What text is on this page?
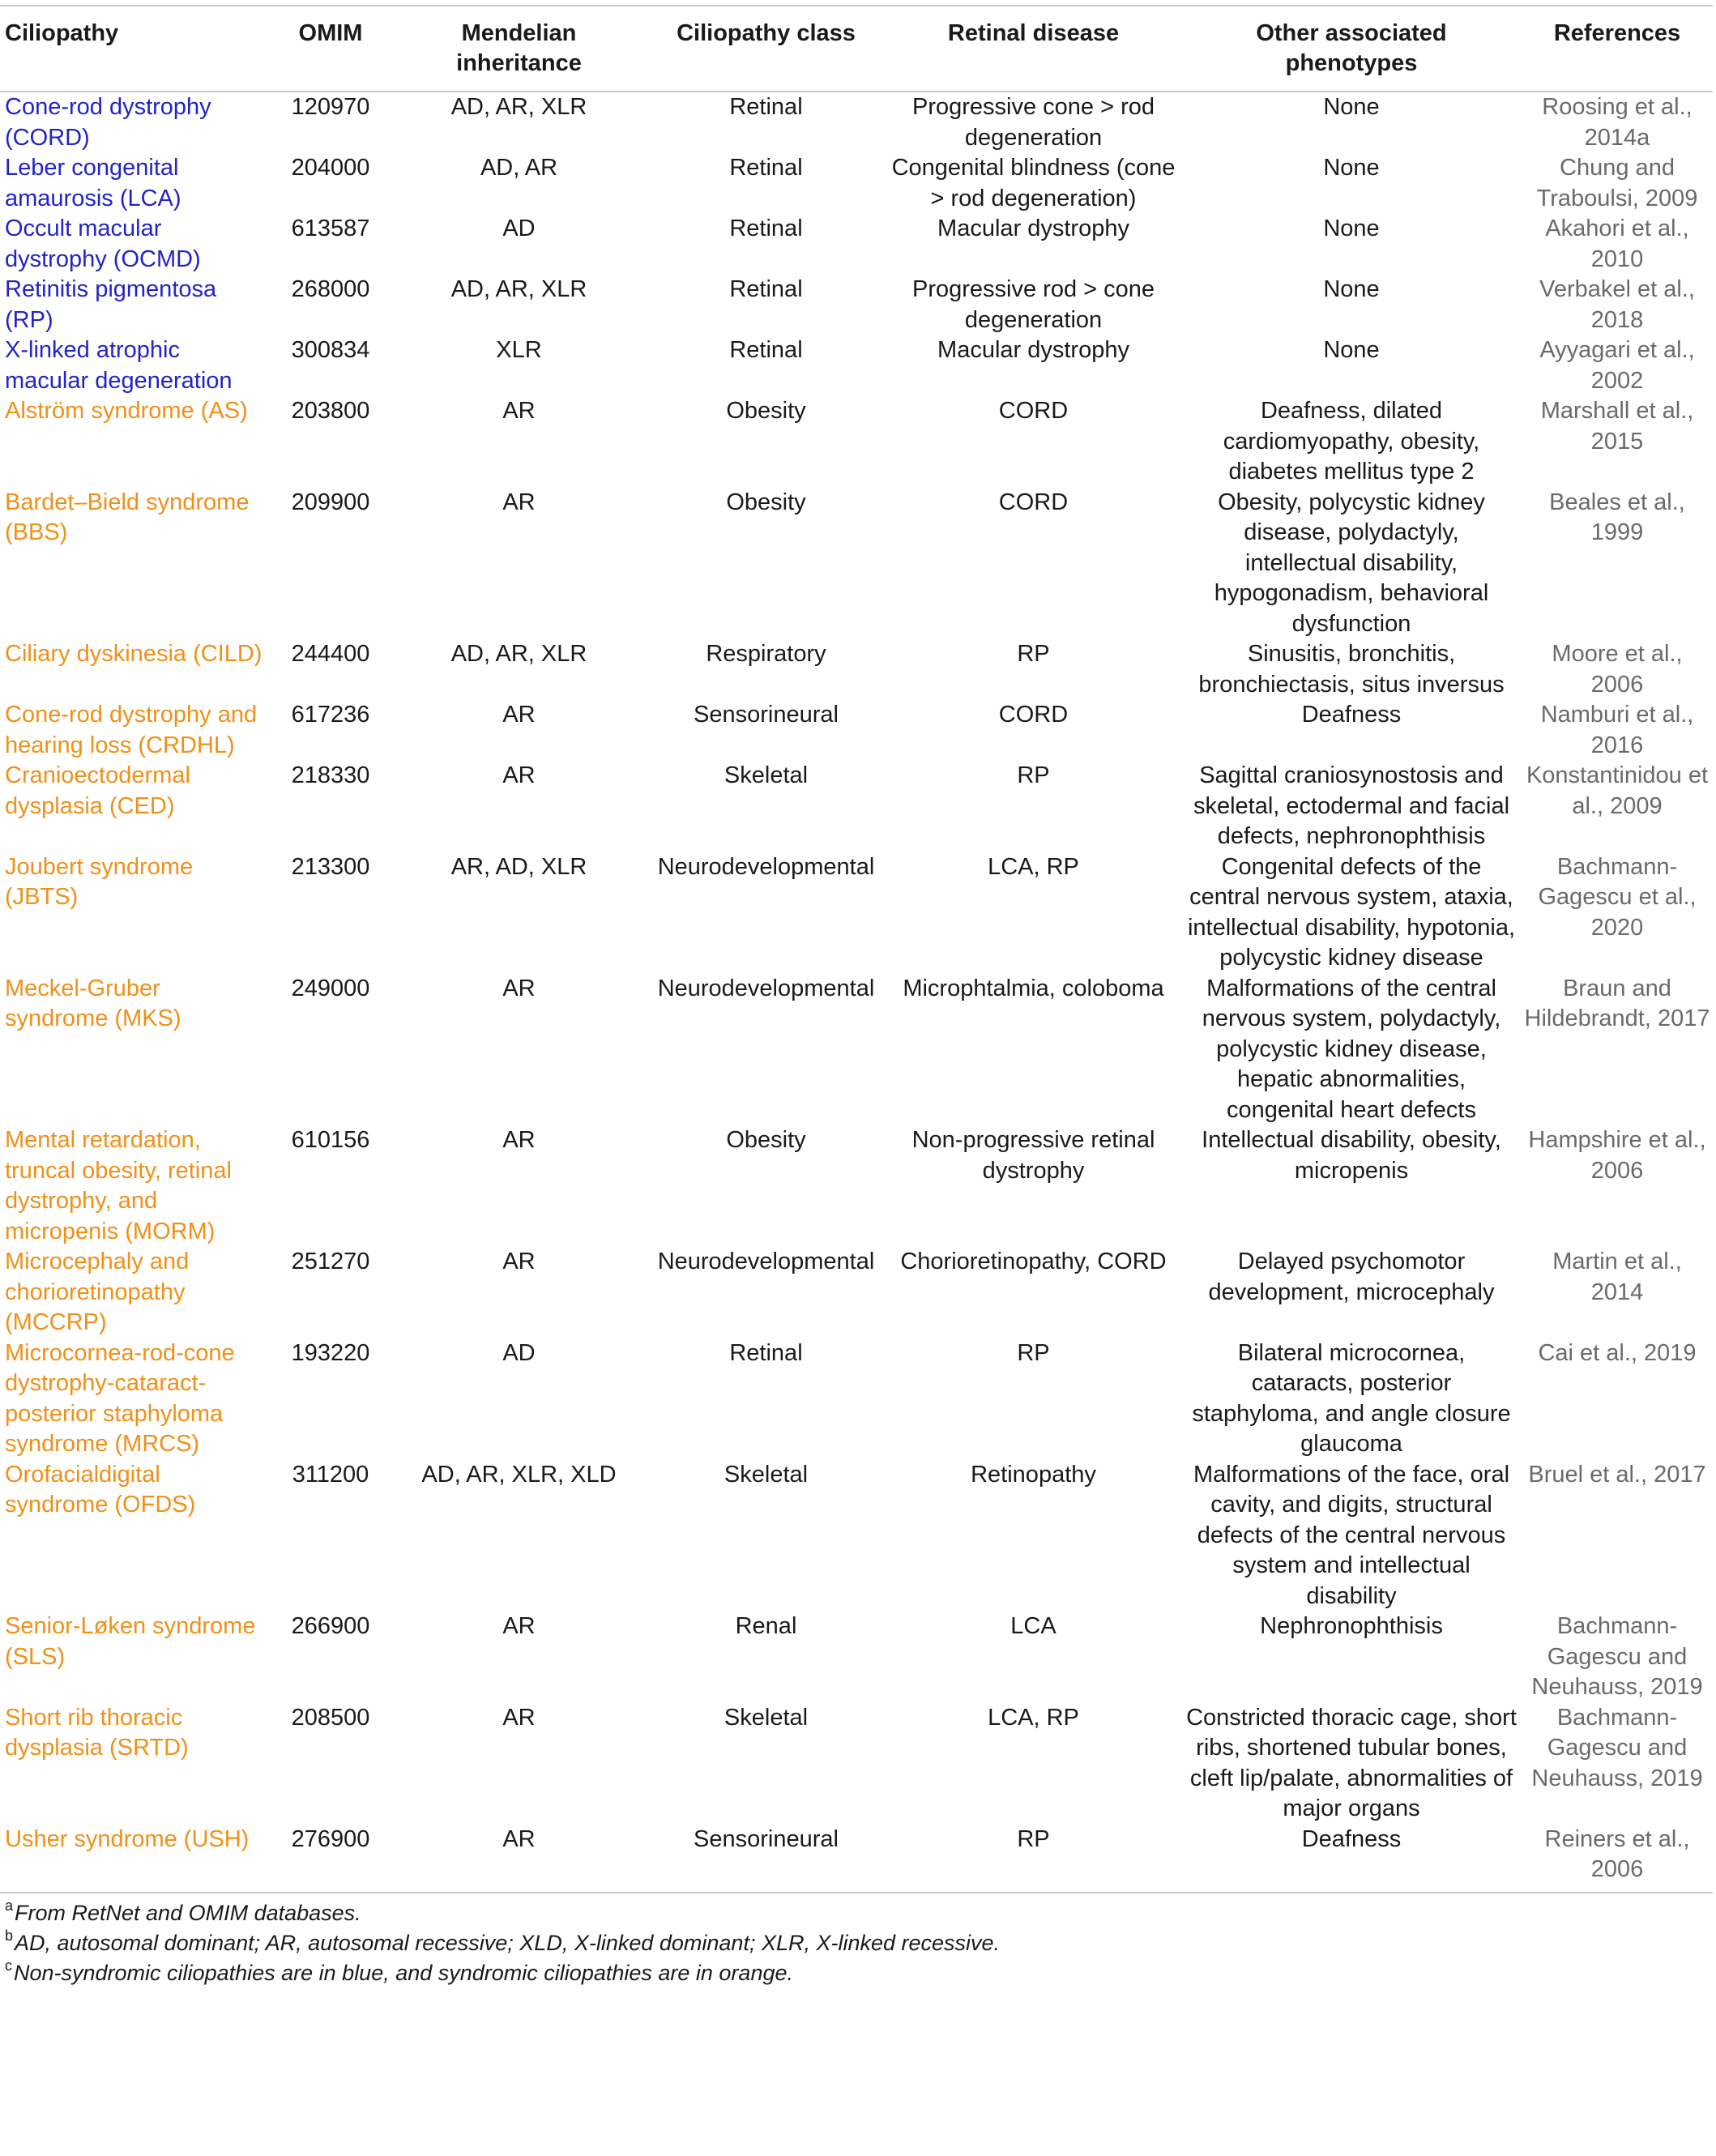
Ciliopathy	OMIM	Mendelian inheritance	Ciliopathy class	Retinal disease	Other associated phenotypes	References
Cone-rod dystrophy (CORD)	120970	AD, AR, XLR	Retinal	Progressive cone > rod degeneration	None	Roosing et al., 2014a
Leber congenital amaurosis (LCA)	204000	AD, AR	Retinal	Congenital blindness (cone > rod degeneration)	None	Chung and Traboulsi, 2009
Occult macular dystrophy (OCMD)	613587	AD	Retinal	Macular dystrophy	None	Akahori et al., 2010
Retinitis pigmentosa (RP)	268000	AD, AR, XLR	Retinal	Progressive rod > cone degeneration	None	Verbakel et al., 2018
X-linked atrophic macular degeneration	300834	XLR	Retinal	Macular dystrophy	None	Ayyagari et al., 2002
Alström syndrome (AS)	203800	AR	Obesity	CORD	Deafness, dilated cardiomyopathy, obesity, diabetes mellitus type 2	Marshall et al., 2015
Bardet–Bield syndrome (BBS)	209900	AR	Obesity	CORD	Obesity, polycystic kidney disease, polydactyly, intellectual disability, hypogonadism, behavioral dysfunction	Beales et al., 1999
Ciliary dyskinesia (CILD)	244400	AD, AR, XLR	Respiratory	RP	Sinusitis, bronchitis, bronchiectasis, situs inversus	Moore et al., 2006
Cone-rod dystrophy and hearing loss (CRDHL)	617236	AR	Sensorineural	CORD	Deafness	Namburi et al., 2016
Cranioectodermal dysplasia (CED)	218330	AR	Skeletal	RP	Sagittal craniosynostosis and skeletal, ectodermal and facial defects, nephronophthisis	Konstantinidou et al., 2009
Joubert syndrome (JBTS)	213300	AR, AD, XLR	Neurodevelopmental	LCA, RP	Congenital defects of the central nervous system, ataxia, intellectual disability, hypotonia, polycystic kidney disease	Bachmann-Gagescu et al., 2020
Meckel-Gruber syndrome (MKS)	249000	AR	Neurodevelopmental	Microphtalmia, coloboma	Malformations of the central nervous system, polydactyly, polycystic kidney disease, hepatic abnormalities, congenital heart defects	Braun and Hildebrandt, 2017
Mental retardation, truncal obesity, retinal dystrophy, and micropenis (MORM)	610156	AR	Obesity	Non-progressive retinal dystrophy	Intellectual disability, obesity, micropenis	Hampshire et al., 2006
Microcephaly and chorioretinopathy (MCCRP)	251270	AR	Neurodevelopmental	Chorioretinopathy, CORD	Delayed psychomotor development, microcephaly	Martin et al., 2014
Microcornea-rod-cone dystrophy-cataract-posterior staphyloma syndrome (MRCS)	193220	AD	Retinal	RP	Bilateral microcornea, cataracts, posterior staphyloma, and angle closure glaucoma	Cai et al., 2019
Orofacialdigital syndrome (OFDS)	311200	AD, AR, XLR, XLD	Skeletal	Retinopathy	Malformations of the face, oral cavity, and digits, structural defects of the central nervous system and intellectual disability	Bruel et al., 2017
Senior-Løken syndrome (SLS)	266900	AR	Renal	LCA	Nephronophthisis	Bachmann-Gagescu and Neuhauss, 2019
Short rib thoracic dysplasia (SRTD)	208500	AR	Skeletal	LCA, RP	Constricted thoracic cage, short ribs, shortened tubular bones, cleft lip/palate, abnormalities of major organs	Bachmann-Gagescu and Neuhauss, 2019
Usher syndrome (USH)	276900	AR	Sensorineural	RP	Deafness	Reiners et al., 2006
$^a$From RetNet and OMIM databases.
$^b$AD, autosomal dominant; AR, autosomal recessive; XLD, X-linked dominant; XLR, X-linked recessive.
$^c$Non-syndromic ciliopathies are in blue, and syndromic ciliopathies are in orange.
